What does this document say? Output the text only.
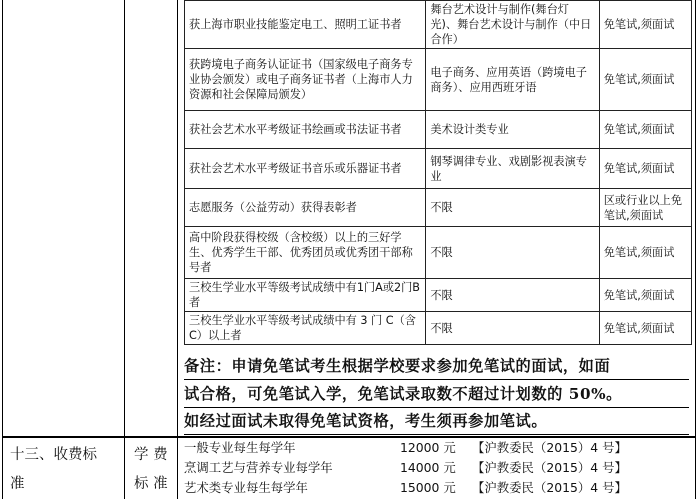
获上海市职业技能鉴定电工、照明工证书者	舞台艺术设计与制作(舞台灯光)、舞台艺术设计与制作（中日合作）	免笔试,须面试
获跨境电子商务认证证书（国家级电子商务专业协会颁发）或电子商务证书者（上海市人力资源和社会保障局颁发）	电子商务、应用英语（跨境电子商务）、应用西班牙语	免笔试,须面试
获社会艺术水平考级证书绘画或书法证书者	美术设计类专业	免笔试,须面试
获社会艺术水平考级证书音乐或乐器证书者	钢琴调律专业、戏剧影视表演专业	免笔试,须面试
志愿服务（公益劳动）获得表彰者	不限	区或行业以上免笔试,须面试
高中阶段获得校级（含校级）以上的三好学生、优秀学生干部、优秀团员或优秀团干部称号者	不限	免笔试,须面试
三校生学业水平等级考试成绩中有1门A或2门B者	不限	免笔试,须面试
三校生学业水平等级考试成绩中有 3 门 C（含C）以上者	不限	免笔试,须面试
备注：申请免笔试考生根据学校要求参加免笔试的面试，如面
试合格，可免笔试入学，免笔试录取数不超过计划数的 50%。
如经过面试未取得免笔试资格，考生须再参加笔试。
十三、收费标
准
学 费
标 准
一般专业每生每学年	12000 元 【沪教委民（2015）4 号】
烹调工艺与营养专业每学年	14000 元 【沪教委民（2015）4 号】
艺术类专业每生每学年	15000 元 【沪教委民（2015）4 号】
